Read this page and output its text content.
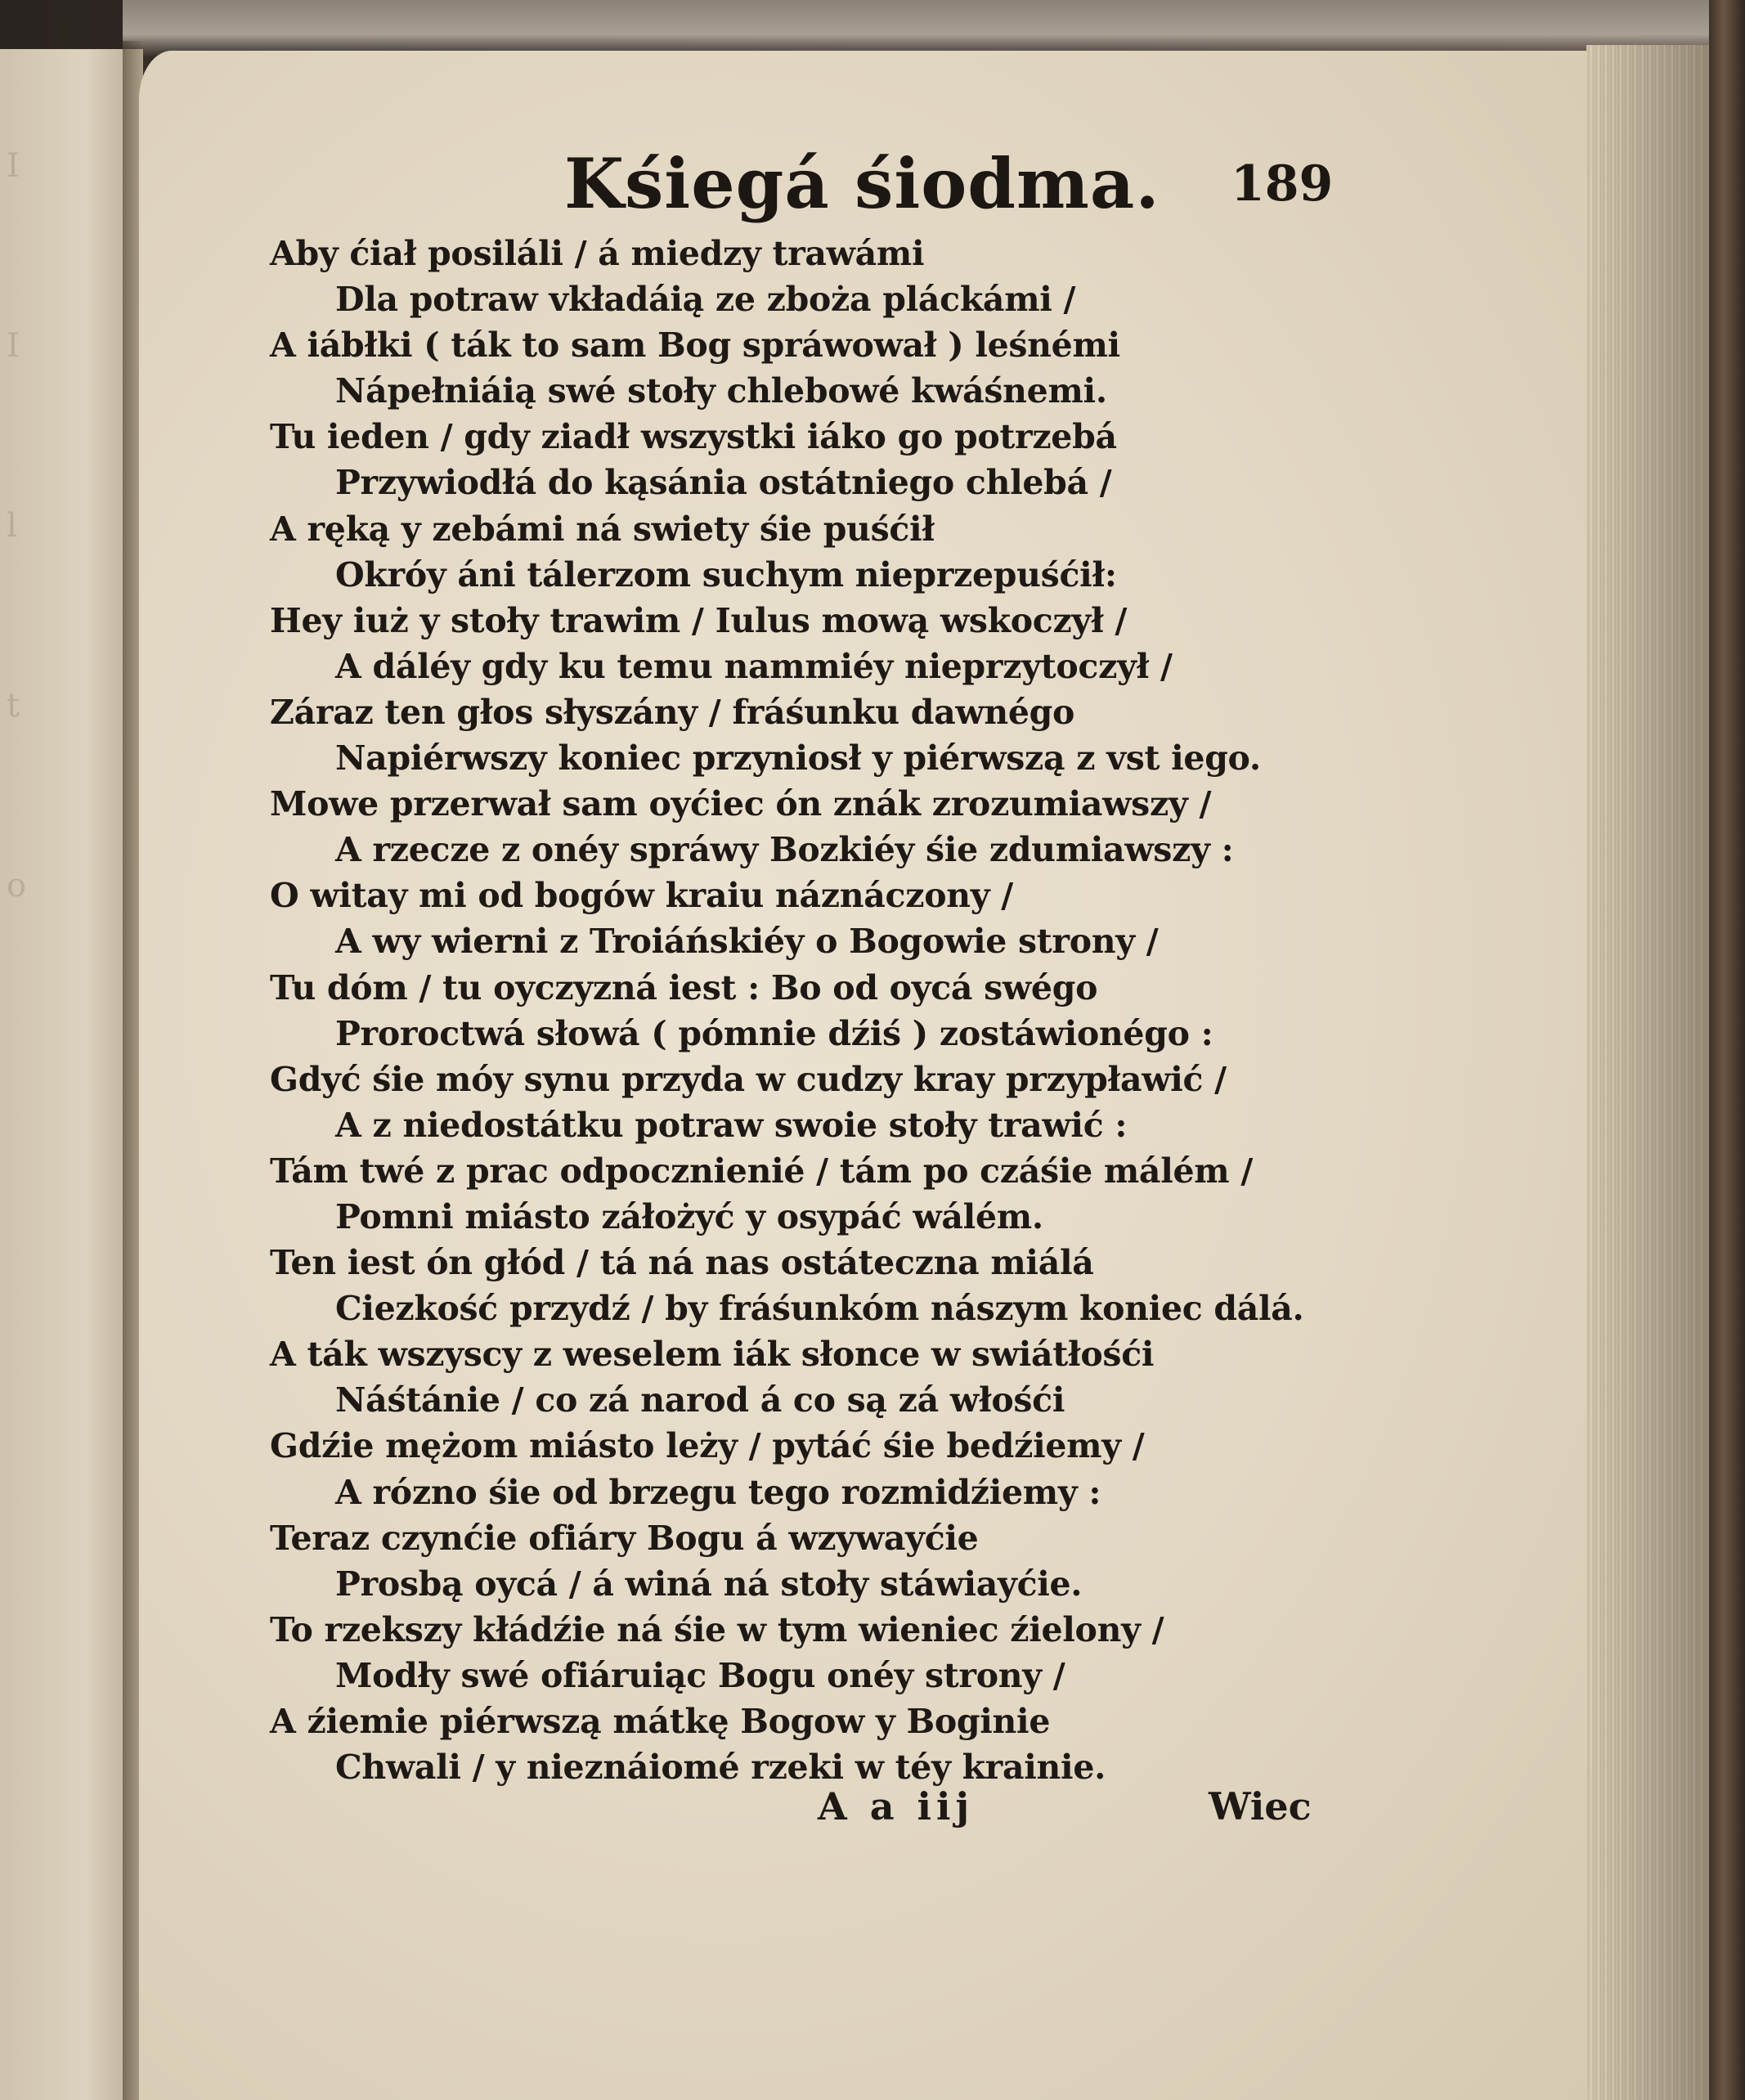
I
I
l
t
o
Kśiegá śiodma. 189
Aby ćiał posiláli / á miedzy trawámi
Dla potraw vkładáią ze zboża pláckámi /
A iábłki ( ták to sam Bog spráwował ) leśnémi
Nápełniáią swé stoły chlebowé kwáśnemi.
Tu ieden / gdy ziadł wszystki iáko go potrzebá
Przywiodłá do kąsánia ostátniego chlebá /
A ręką y zebámi ná swiety śie puśćił
Okróy áni tálerzom suchym nieprzepuśćił:
Hey iuż y stoły trawim / Iulus mową wskoczył /
A dáléy gdy ku temu nammiéy nieprzytoczył /
Záraz ten głos słyszány / fráśunku dawnégo
Napiérwszy koniec przyniosł y piérwszą z vst iego.
Mowe przerwał sam oyćiec ón znák zrozumiawszy /
A rzecze z onéy spráwy Bozkiéy śie zdumiawszy :
O witay mi od bogów kraiu náznáczony /
A wy wierni z Troiáńskiéy o Bogowie strony /
Tu dóm / tu oyczyzná iest : Bo od oycá swégo
Proroctwá słowá ( pómnie dźiś ) zostáwionégo :
Gdyć śie móy synu przyda w cudzy kray przypławić /
A z niedostátku potraw swoie stoły trawić :
Tám twé z prac odpocznienié / tám po czáśie málém /
Pomni miásto záłożyć y osypáć wálém.
Ten iest ón głód / tá ná nas ostáteczna miálá
Ciezkość przydź / by fráśunkóm nászym koniec dálá.
A ták wszyscy z weselem iák słonce w swiátłośći
Náśtánie / co zá narod á co są zá włośći
Gdźie mężom miásto leży / pytáć śie bedźiemy /
A rózno śie od brzegu tego rozmidźiemy :
Teraz czynćie ofiáry Bogu á wzywayćie
Prosbą oycá / á winá ná stoły stáwiayćie.
To rzekszy kłádźie ná śie w tym wieniec źielony /
Modły swé ofiáruiąc Bogu onéy strony /
A źiemie piérwszą mátkę Bogow y Boginie
Chwali / y nieznáiomé rzeki w téy krainie.
A a iij	Wiec
